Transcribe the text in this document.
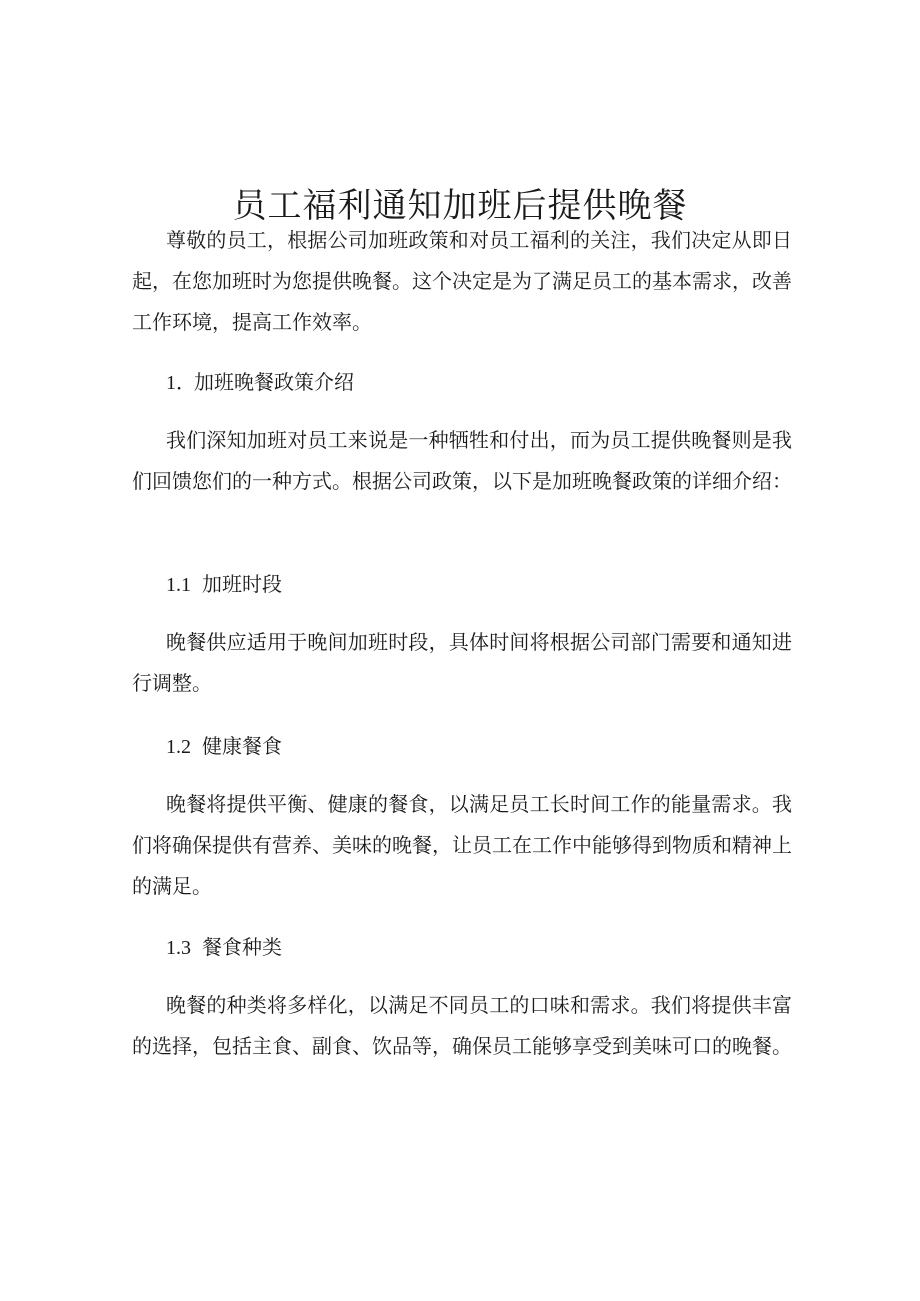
员工福利通知加班后提供晚餐

尊敬的员工，根据公司加班政策和对员工福利的关注，我们决定从即日起，在您加班时为您提供晚餐。这个决定是为了满足员工的基本需求，改善工作环境，提高工作效率。

1．加班晚餐政策介绍

我们深知加班对员工来说是一种牺牲和付出，而为员工提供晚餐则是我们回馈您们的一种方式。根据公司政策，以下是加班晚餐政策的详细介绍：

1.1 加班时段

晚餐供应适用于晚间加班时段，具体时间将根据公司部门需要和通知进行调整。

1.2 健康餐食

晚餐将提供平衡、健康的餐食，以满足员工长时间工作的能量需求。我们将确保提供有营养、美味的晚餐，让员工在工作中能够得到物质和精神上的满足。

1.3 餐食种类

晚餐的种类将多样化，以满足不同员工的口味和需求。我们将提供丰富的选择，包括主食、副食、饮品等，确保员工能够享受到美味可口的晚餐。
